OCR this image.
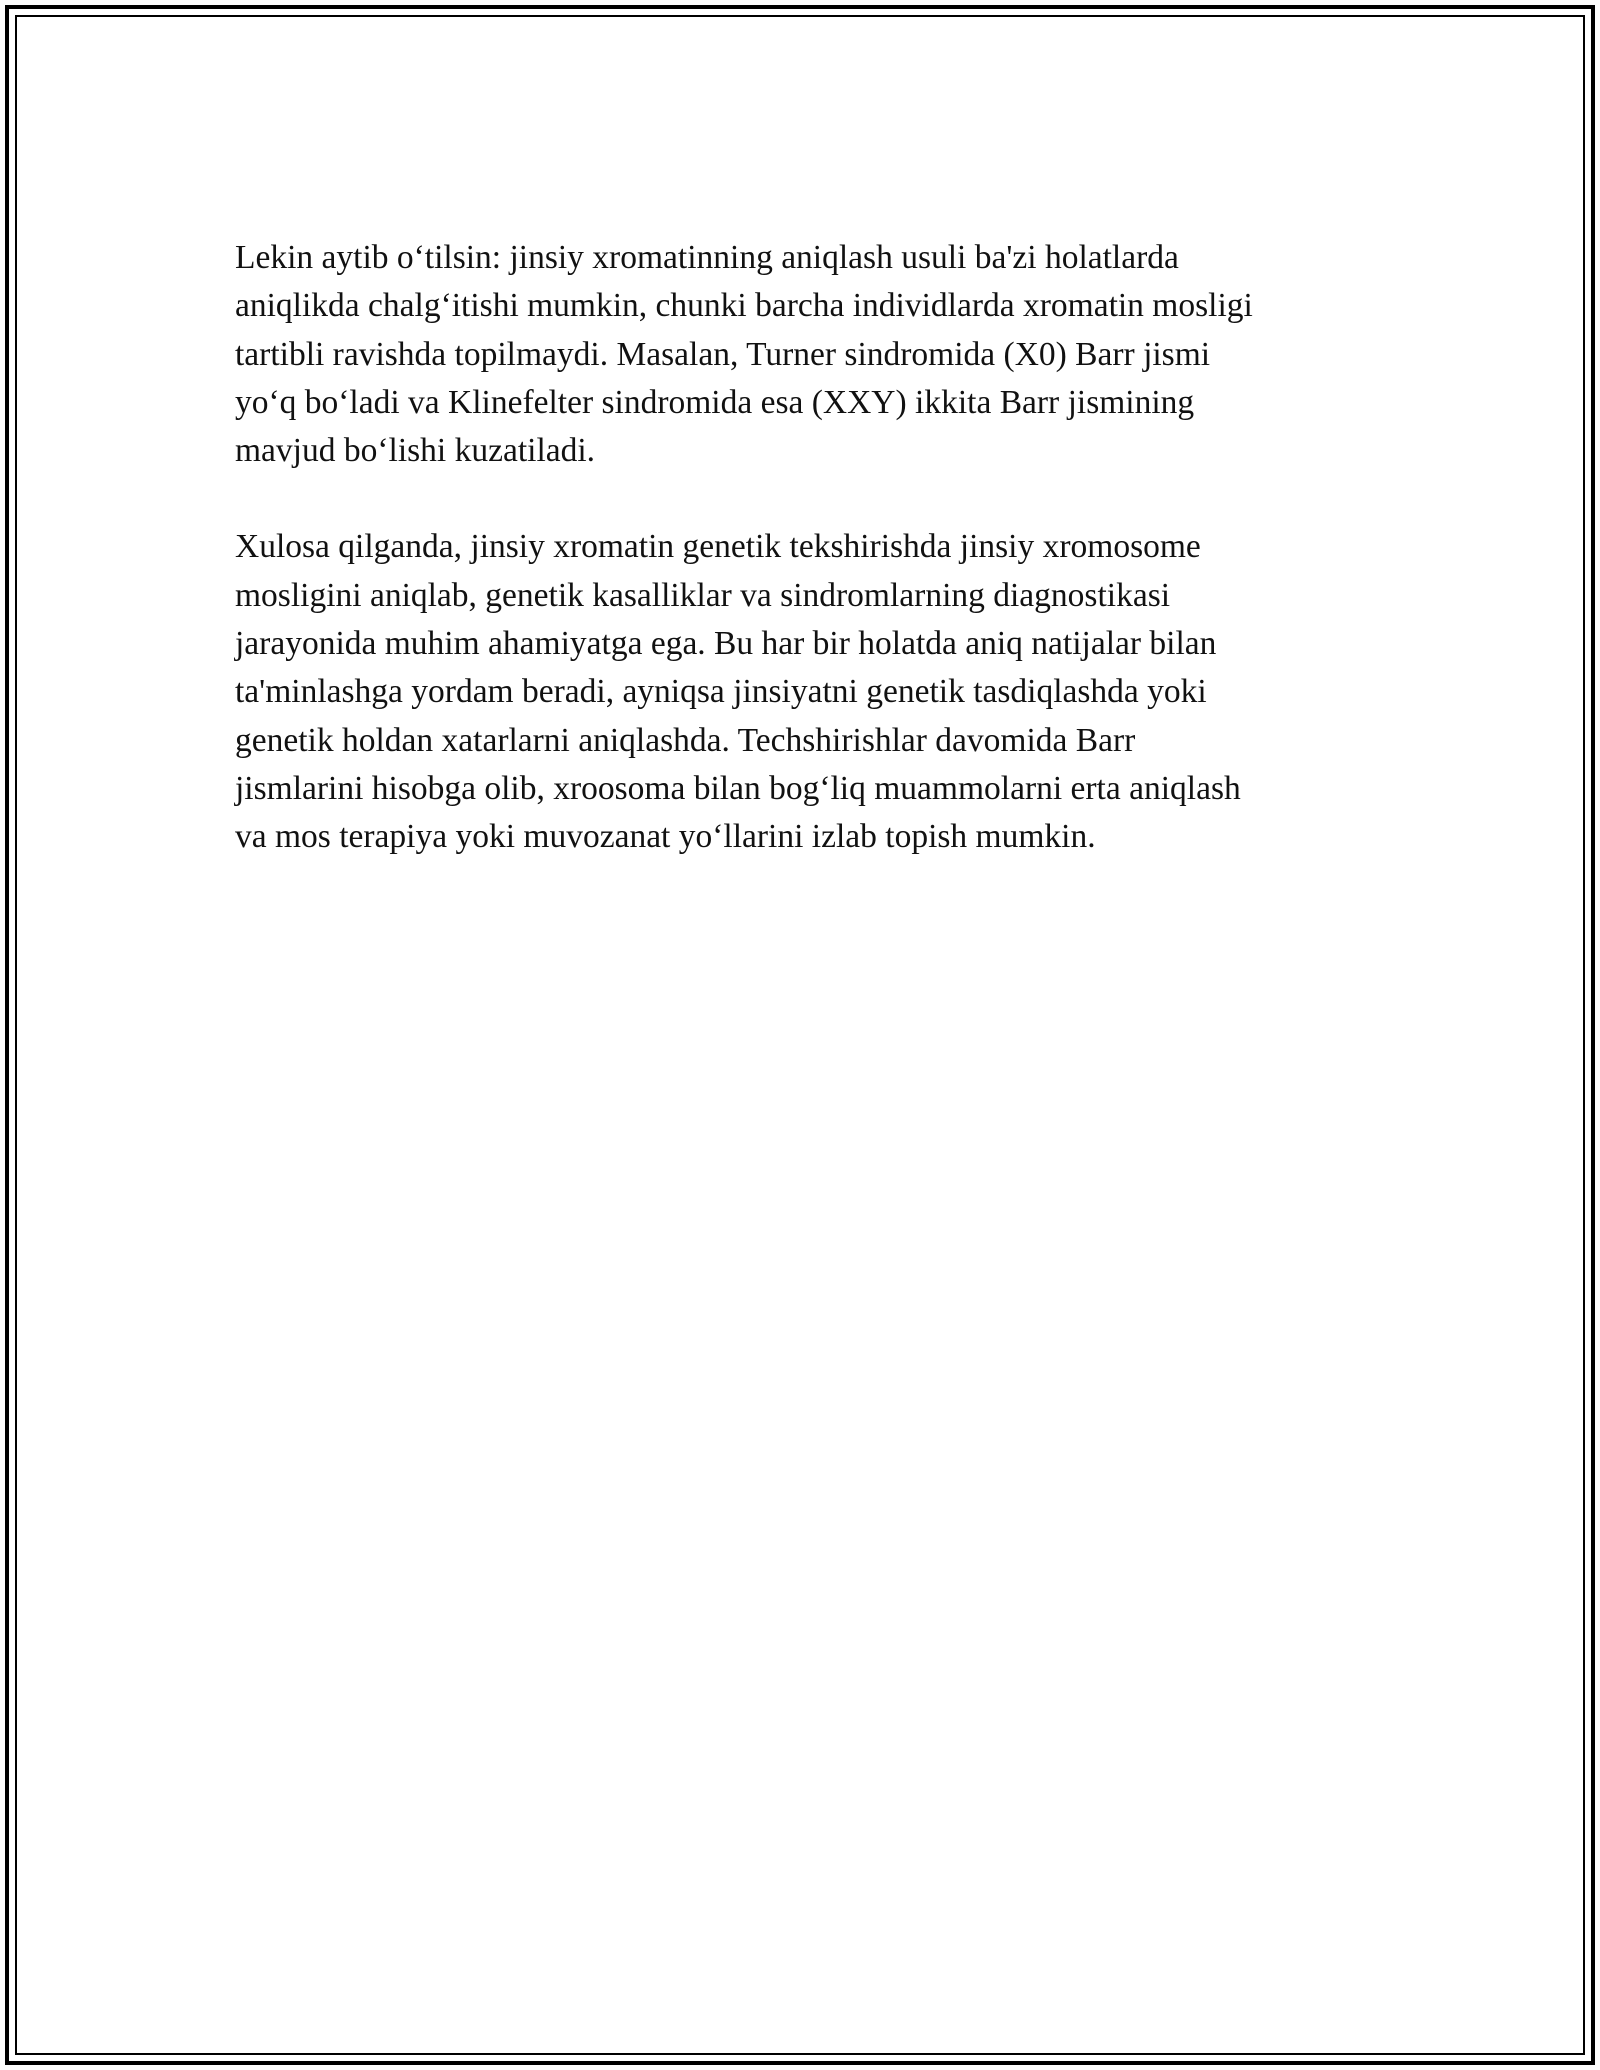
Lekin aytib o‘tilsin: jinsiy xromatinning aniqlash usuli ba'zi holatlarda
aniqlikda chalg‘itishi mumkin, chunki barcha individlarda xromatin mosligi
tartibli ravishda topilmaydi. Masalan, Turner sindromida (X0) Barr jismi
yo‘q bo‘ladi va Klinefelter sindromida esa (XXY) ikkita Barr jismining
mavjud bo‘lishi kuzatiladi.

Xulosa qilganda, jinsiy xromatin genetik tekshirishda jinsiy xromosome
mosligini aniqlab, genetik kasalliklar va sindromlarning diagnostikasi
jarayonida muhim ahamiyatga ega. Bu har bir holatda aniq natijalar bilan
ta'minlashga yordam beradi, ayniqsa jinsiyatni genetik tasdiqlashda yoki
genetik holdan xatarlarni aniqlashda. Techshirishlar davomida Barr
jismlarini hisobga olib, xroosoma bilan bog‘liq muammolarni erta aniqlash
va mos terapiya yoki muvozanat yo‘llarini izlab topish mumkin.
